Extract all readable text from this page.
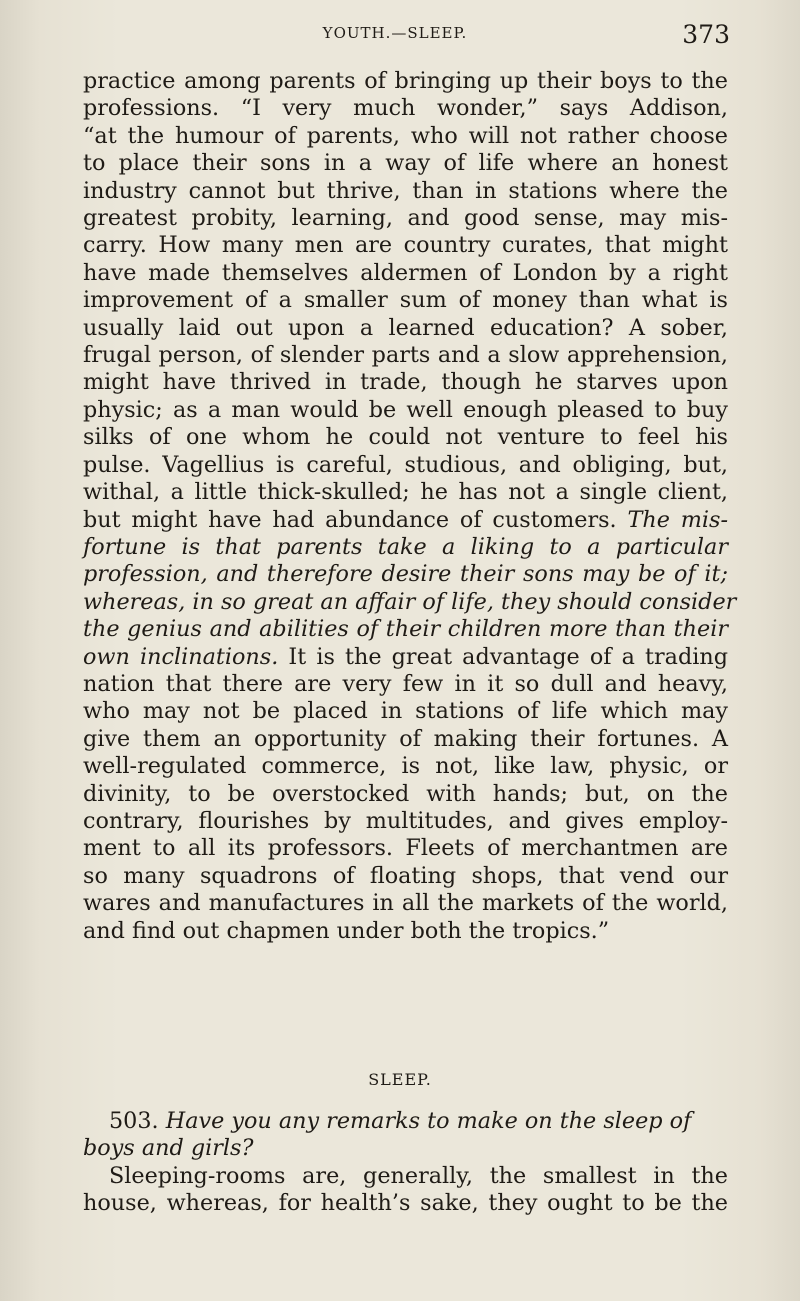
YOUTH.—SLEEP.	373
practice among parents of bringing up their boys to the
professions. “I very much wonder,” says Addison,
“at the humour of parents, who will not rather choose
to place their sons in a way of life where an honest
industry cannot but thrive, than in stations where the
greatest probity, learning, and good sense, may mis-
carry. How many men are country curates, that might
have made themselves aldermen of London by a right
improvement of a smaller sum of money than what is
usually laid out upon a learned education? A sober,
frugal person, of slender parts and a slow apprehension,
might have thrived in trade, though he starves upon
physic; as a man would be well enough pleased to buy
silks of one whom he could not venture to feel his
pulse. Vagellius is careful, studious, and obliging, but,
withal, a little thick-skulled; he has not a single client,
but might have had abundance of customers. The mis-
fortune is that parents take a liking to a particular
profession, and therefore desire their sons may be of it;
whereas, in so great an affair of life, they should consider
the genius and abilities of their children more than their
own inclinations. It is the great advantage of a trading
nation that there are very few in it so dull and heavy,
who may not be placed in stations of life which may
give them an opportunity of making their fortunes. A
well-regulated commerce, is not, like law, physic, or
divinity, to be overstocked with hands; but, on the
contrary, flourishes by multitudes, and gives employ-
ment to all its professors. Fleets of merchantmen are
so many squadrons of floating shops, that vend our
wares and manufactures in all the markets of the world,
and find out chapmen under both the tropics.”
SLEEP.
503. Have you any remarks to make on the sleep of
boys and girls?
Sleeping-rooms are, generally, the smallest in the
house, whereas, for health’s sake, they ought to be the
